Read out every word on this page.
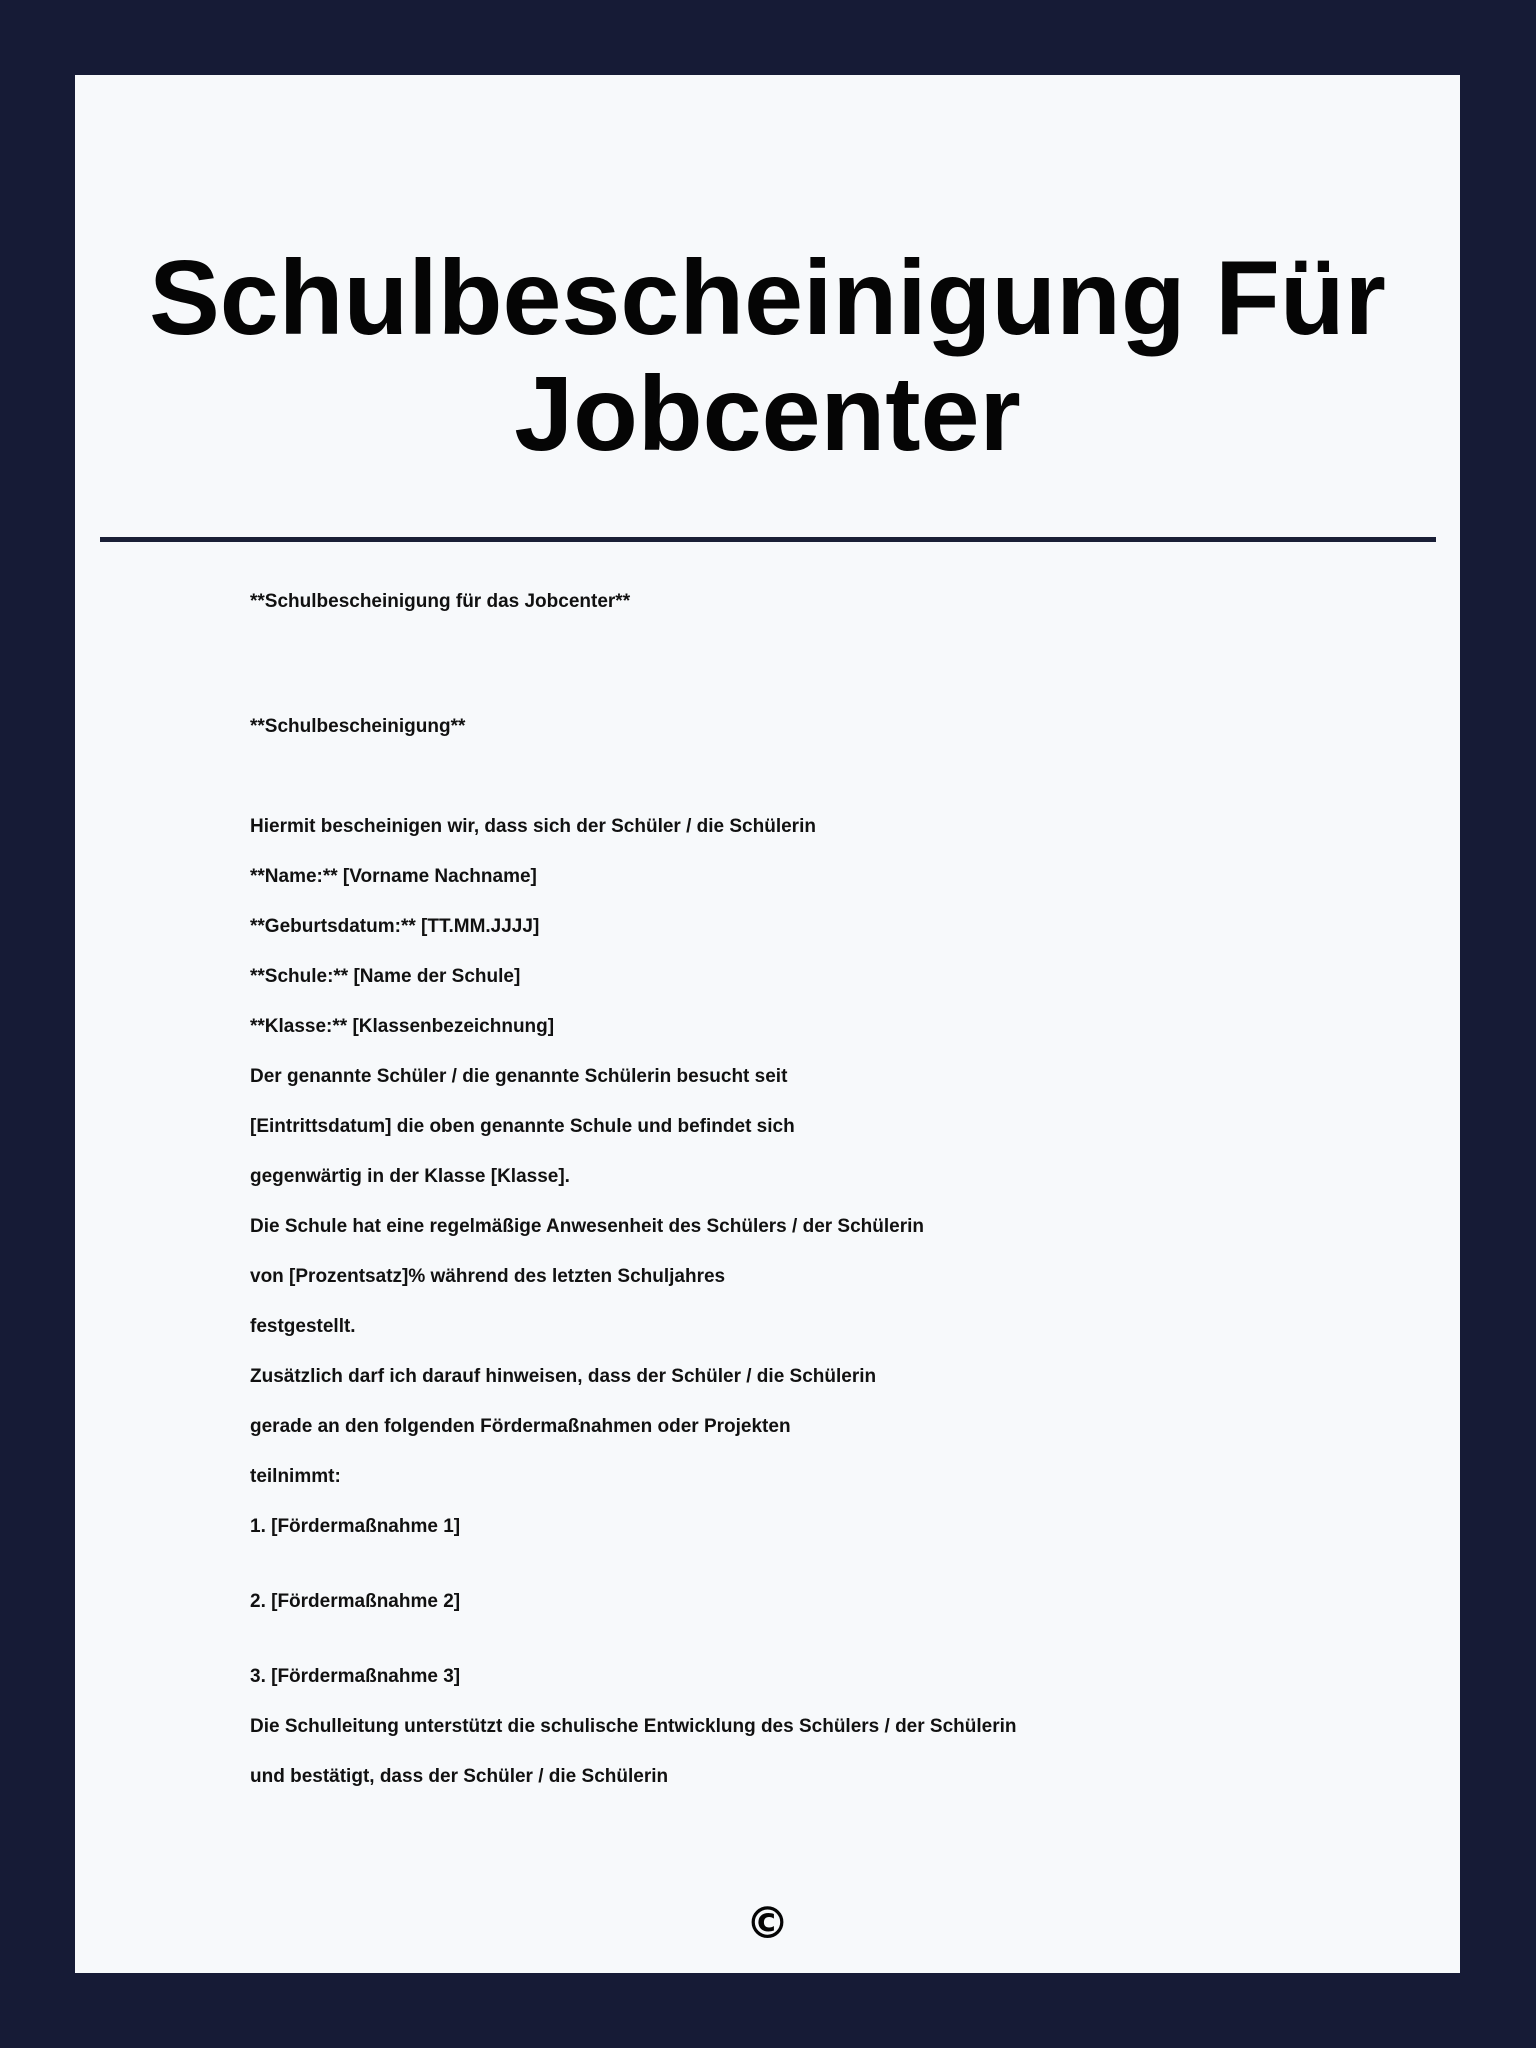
Schulbescheinigung Für Jobcenter

**Schulbescheinigung für das Jobcenter**

**Schulbescheinigung**

Hiermit bescheinigen wir, dass sich der Schüler / die Schülerin

**Name:** [Vorname Nachname]

**Geburtsdatum:** [TT.MM.JJJJ]

**Schule:** [Name der Schule]

**Klasse:** [Klassenbezeichnung]

Der genannte Schüler / die genannte Schülerin besucht seit

[Eintrittsdatum] die oben genannte Schule und befindet sich

gegenwärtig in der Klasse [Klasse].

Die Schule hat eine regelmäßige Anwesenheit des Schülers / der Schülerin

von [Prozentsatz]% während des letzten Schuljahres

festgestellt.

Zusätzlich darf ich darauf hinweisen, dass der Schüler / die Schülerin

gerade an den folgenden Fördermaßnahmen oder Projekten

teilnimmt:

1. [Fördermaßnahme 1]

2. [Fördermaßnahme 2]

3. [Fördermaßnahme 3]

Die Schulleitung unterstützt die schulische Entwicklung des Schülers / der Schülerin

und bestätigt, dass der Schüler / die Schülerin

©
